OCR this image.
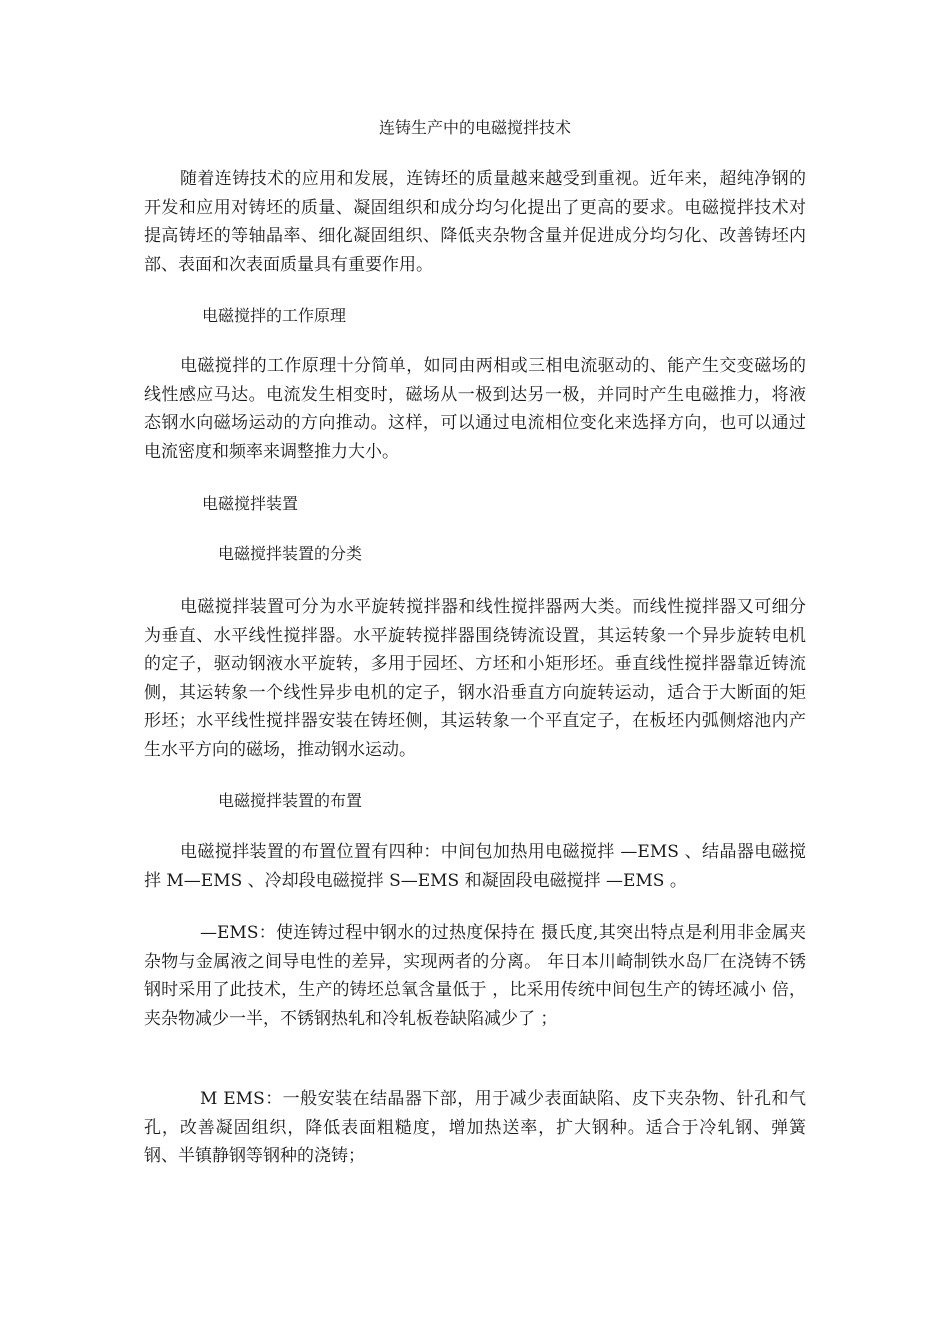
连铸生产中的电磁搅拌技术

随着连铸技术的应用和发展，连铸坯的质量越来越受到重视。近年来，超纯净钢的开发和应用对铸坯的质量、凝固组织和成分均匀化提出了更高的要求。电磁搅拌技术对提高铸坯的等轴晶率、细化凝固组织、降低夹杂物含量并促进成分均匀化、改善铸坯内部、表面和次表面质量具有重要作用。

电磁搅拌的工作原理

电磁搅拌的工作原理十分简单，如同由两相或三相电流驱动的、能产生交变磁场的线性感应马达。电流发生相变时，磁场从一极到达另一极，并同时产生电磁推力，将液态钢水向磁场运动的方向推动。这样，可以通过电流相位变化来选择方向，也可以通过电流密度和频率来调整推力大小。

电磁搅拌装置
电磁搅拌装置的分类

电磁搅拌装置可分为水平旋转搅拌器和线性搅拌器两大类。而线性搅拌器又可细分为垂直、水平线性搅拌器。水平旋转搅拌器围绕铸流设置，其运转象一个异步旋转电机的定子，驱动钢液水平旋转，多用于园坯、方坯和小矩形坯。垂直线性搅拌器靠近铸流侧，其运转象一个线性异步电机的定子，钢水沿垂直方向旋转运动，适合于大断面的矩形坯；水平线性搅拌器安装在铸坯侧，其运转象一个平直定子，在板坯内弧侧熔池内产生水平方向的磁场，推动钢水运动。

电磁搅拌装置的布置

电磁搅拌装置的布置位置有四种：中间包加热用电磁搅拌 —EMS 、结晶器电磁搅拌 M—EMS 、冷却段电磁搅拌 S—EMS 和凝固段电磁搅拌 —EMS 。

—EMS：使连铸过程中钢水的过热度保持在 摄氏度,其突出特点是利用非金属夹杂物与金属液之间导电性的差异，实现两者的分离。 年日本川崎制铁水岛厂在浇铸不锈钢时采用了此技术，生产的铸坯总氧含量低于 ，比采用传统中间包生产的铸坯减小 倍，夹杂物减少一半，不锈钢热轧和冷轧板卷缺陷减少了 ；

M EMS：一般安装在结晶器下部，用于减少表面缺陷、皮下夹杂物、针孔和气孔，改善凝固组织，降低表面粗糙度，增加热送率，扩大钢种。适合于冷轧钢、弹簧钢、半镇静钢等钢种的浇铸；
